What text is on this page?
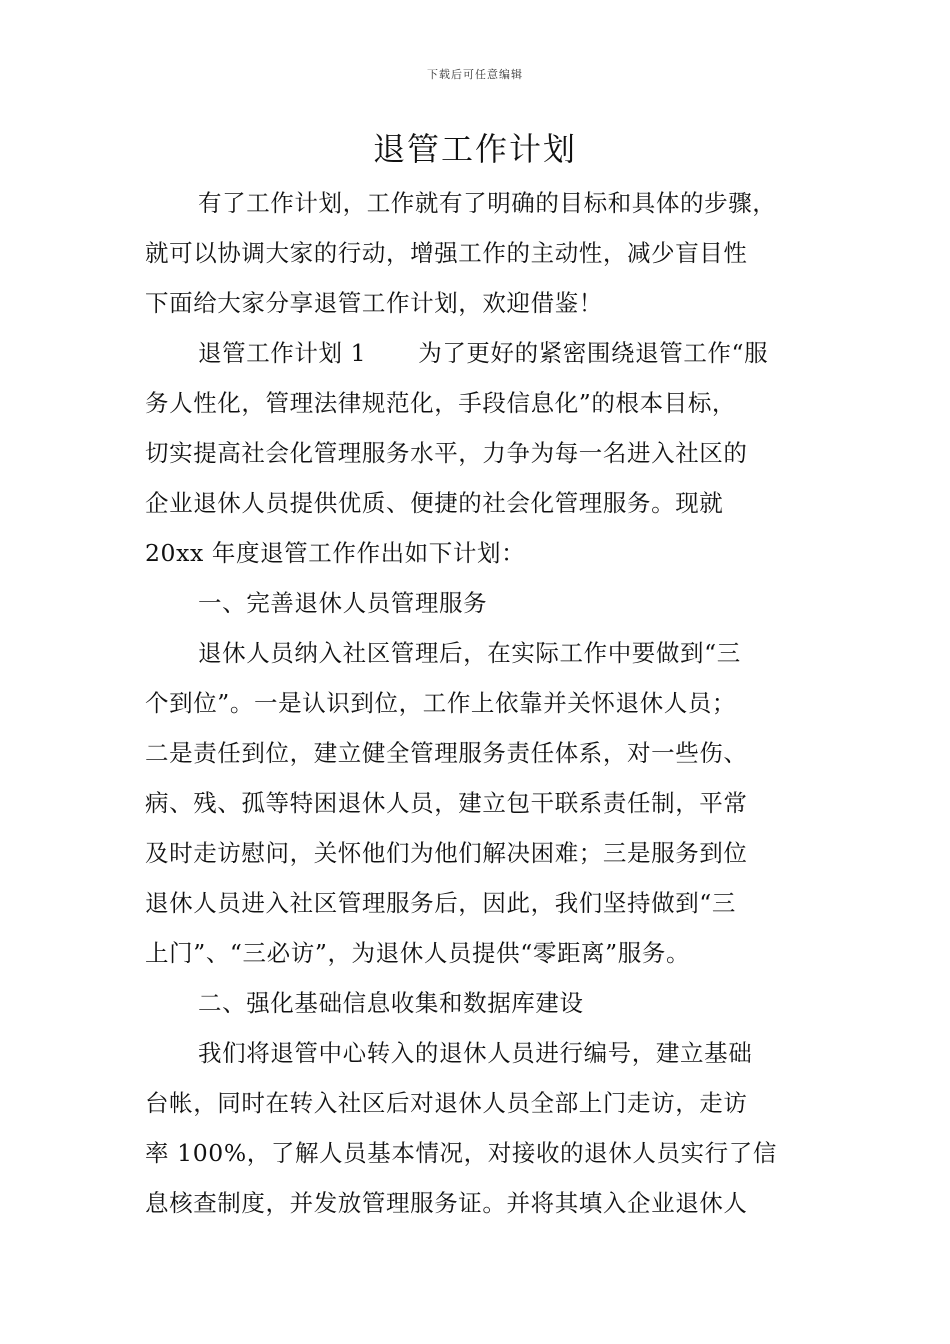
下载后可任意编辑
退管工作计划
有了工作计划，工作就有了明确的目标和具体的步骤，
就可以协调大家的行动，增强工作的主动性，减少盲目性
下面给大家分享退管工作计划，欢迎借鉴！
退管工作计划 1 为了更好的紧密围绕退管工作“服
务人性化，管理法律规范化，手段信息化”的根本目标，
切实提高社会化管理服务水平，力争为每一名进入社区的
企业退休人员提供优质、便捷的社会化管理服务。现就
20xx 年度退管工作作出如下计划：
一、完善退休人员管理服务
退休人员纳入社区管理后，在实际工作中要做到“三
个到位”。一是认识到位，工作上依靠并关怀退休人员；
二是责任到位，建立健全管理服务责任体系，对一些伤、
病、残、孤等特困退休人员，建立包干联系责任制，平常
及时走访慰问，关怀他们为他们解决困难；三是服务到位
退休人员进入社区管理服务后，因此，我们坚持做到“三
上门”、“三必访”，为退休人员提供“零距离”服务。
二、强化基础信息收集和数据库建设
我们将退管中心转入的退休人员进行编号，建立基础
台帐，同时在转入社区后对退休人员全部上门走访，走访
率 100%，了解人员基本情况，对接收的退休人员实行了信
息核查制度，并发放管理服务证。并将其填入企业退休人
